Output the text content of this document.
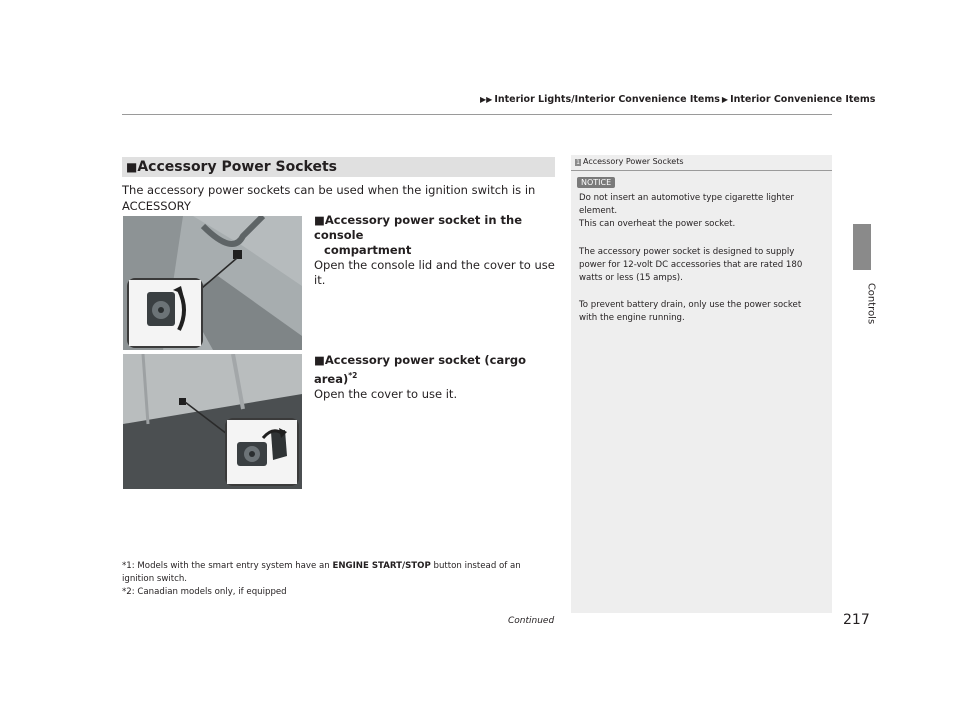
▶▶ Interior Lights/Interior Convenience Items ▶ Interior Convenience Items
Controls
■Accessory Power Sockets
The accessory power sockets can be used when the ignition switch is in ACCESSORY

■Accessory power socket in the console
compartment
Open the console lid and the cover to use it.
■Accessory power socket (cargo area)$^{*2}$
Open the cover to use it.
1 Accessory Power Sockets
NOTICE
Do not insert an automotive type cigarette lighter
element.
This can overheat the power socket.
The accessory power socket is designed to supply
power for 12-volt DC accessories that are rated 180
watts or less (15 amps).
To prevent battery drain, only use the power socket
with the engine running.
*1: Models with the smart entry system have an ENGINE START/STOP button instead of an
ignition switch.
*2: Canadian models only, if equipped
Continued	217
